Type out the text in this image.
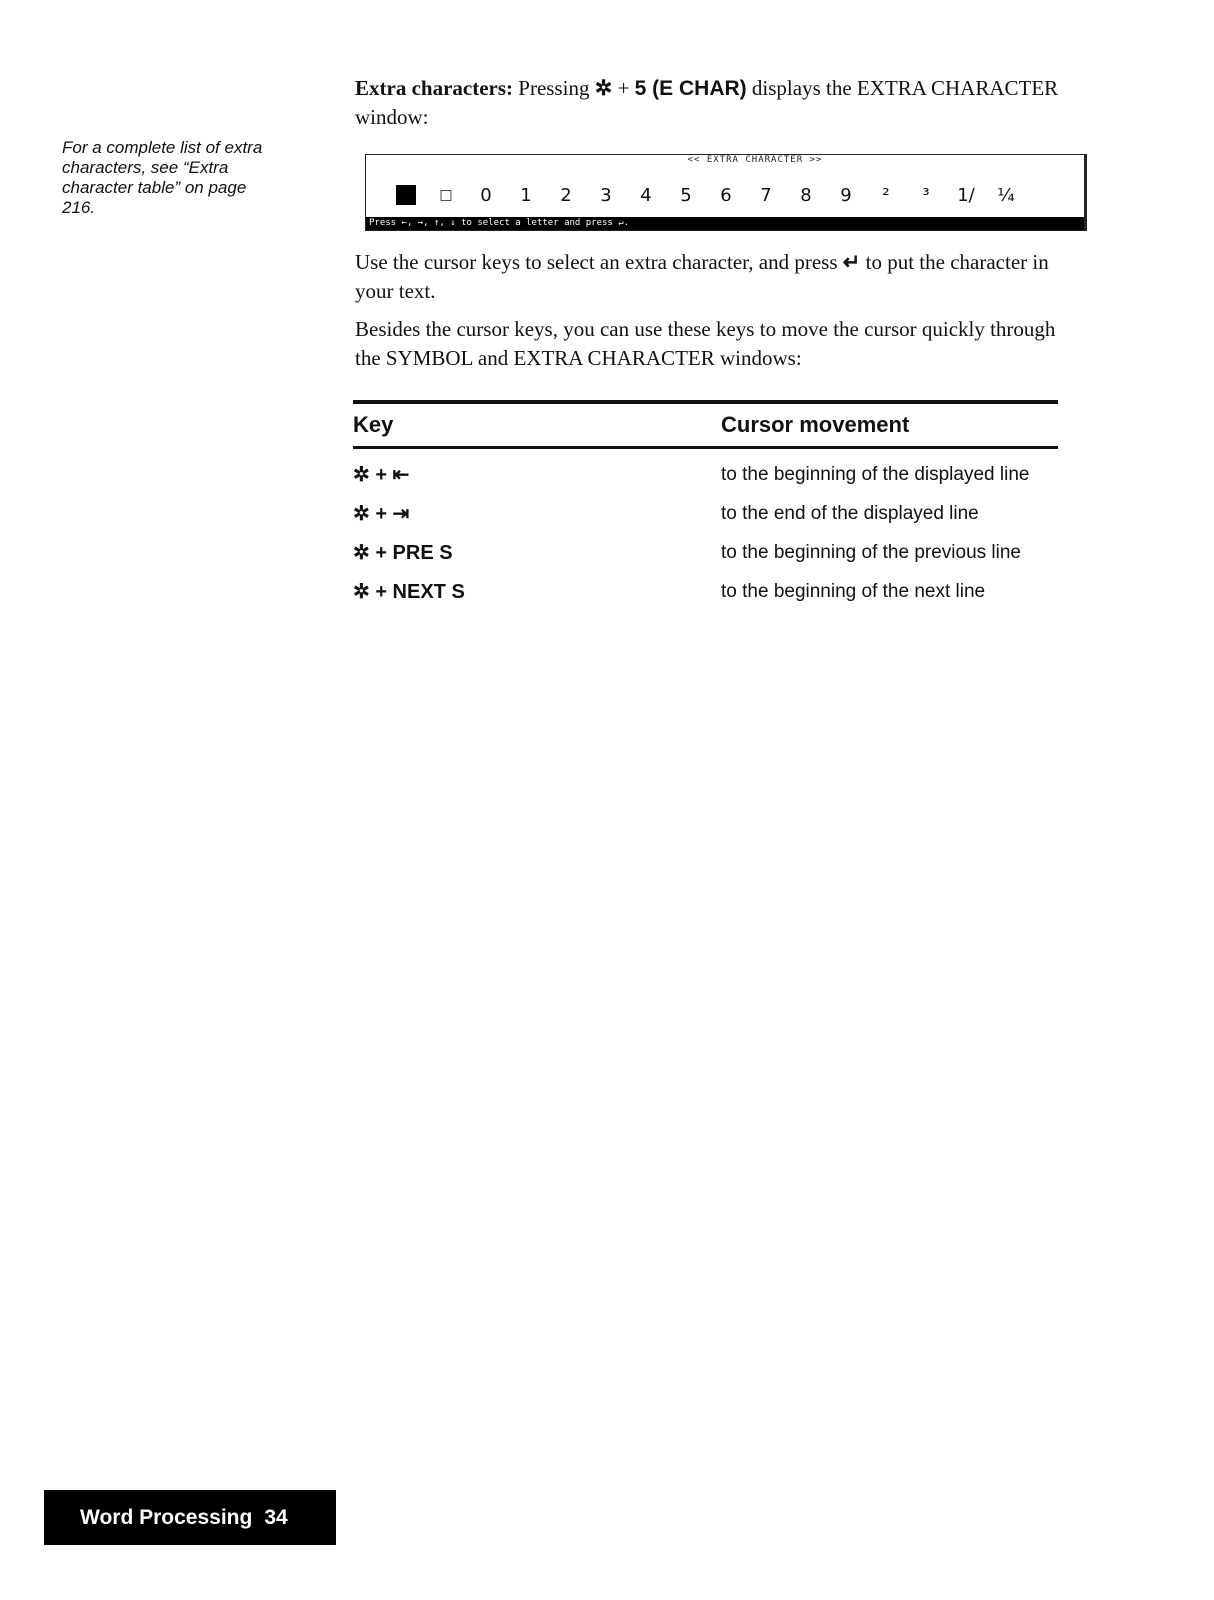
For a complete list of extra characters, see “Extra character table” on page 216.

Extra characters: Pressing ✲ + 5 (E CHAR) displays the EXTRA CHARACTER window:

<< EXTRA CHARACTER >>
□	0	1	2	3	4	5	6	7	8	9	²	³	1/	¼
Press ←, →, ↑, ↓ to select a letter and press ↵.

Use the cursor keys to select an extra character, and press ↵ to put the character in your text.

Besides the cursor keys, you can use these keys to move the cursor quickly through the SYMBOL and EXTRA CHARACTER windows:

Key	Cursor movement
✲ + ⇤	to the beginning of the displayed line
✲ + ⇥	to the end of the displayed line
✲ + PRE S	to the beginning of the previous line
✲ + NEXT S	to the beginning of the next line
Word Processing 34
